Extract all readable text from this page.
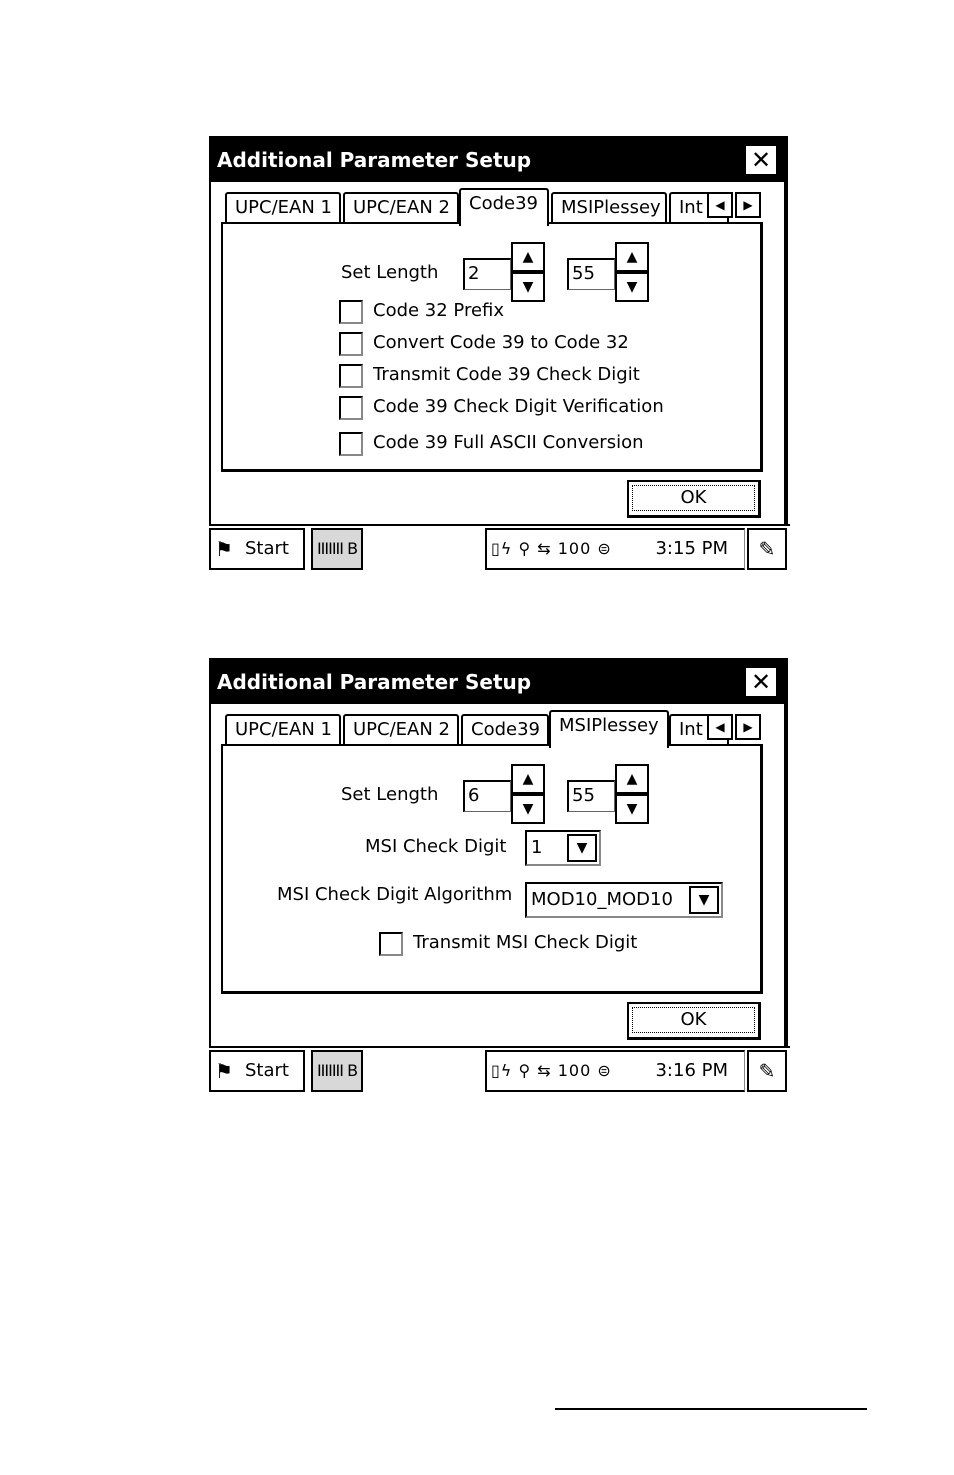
Additional Parameter Setup	✕
UPC/EAN 1	UPC/EAN 2	Code39	MSIPlessey	Int	◀	▶
Set Length 2
▲
▼
55
▲
▼
Code 32 Prefix
Convert Code 39 to Code 32
Transmit Code 39 Check Digit
Code 39 Check Digit Verification
Code 39 Full ASCII Conversion
OK
⚑ Start	IIIIIII B	▯ϟ ⚲ ⇆ 100 ⊜ 3:15 PM	✎
Additional Parameter Setup	✕
UPC/EAN 1	UPC/EAN 2	Code39	MSIPlessey	Int	◀	▶
Set Length 6
▲
▼
55
▲
▼
MSI Check Digit	1	▼
MSI Check Digit Algorithm	MOD10_MOD10	▼
Transmit MSI Check Digit
OK
⚑ Start	IIIIIII B	▯ϟ ⚲ ⇆ 100 ⊜ 3:16 PM	✎
